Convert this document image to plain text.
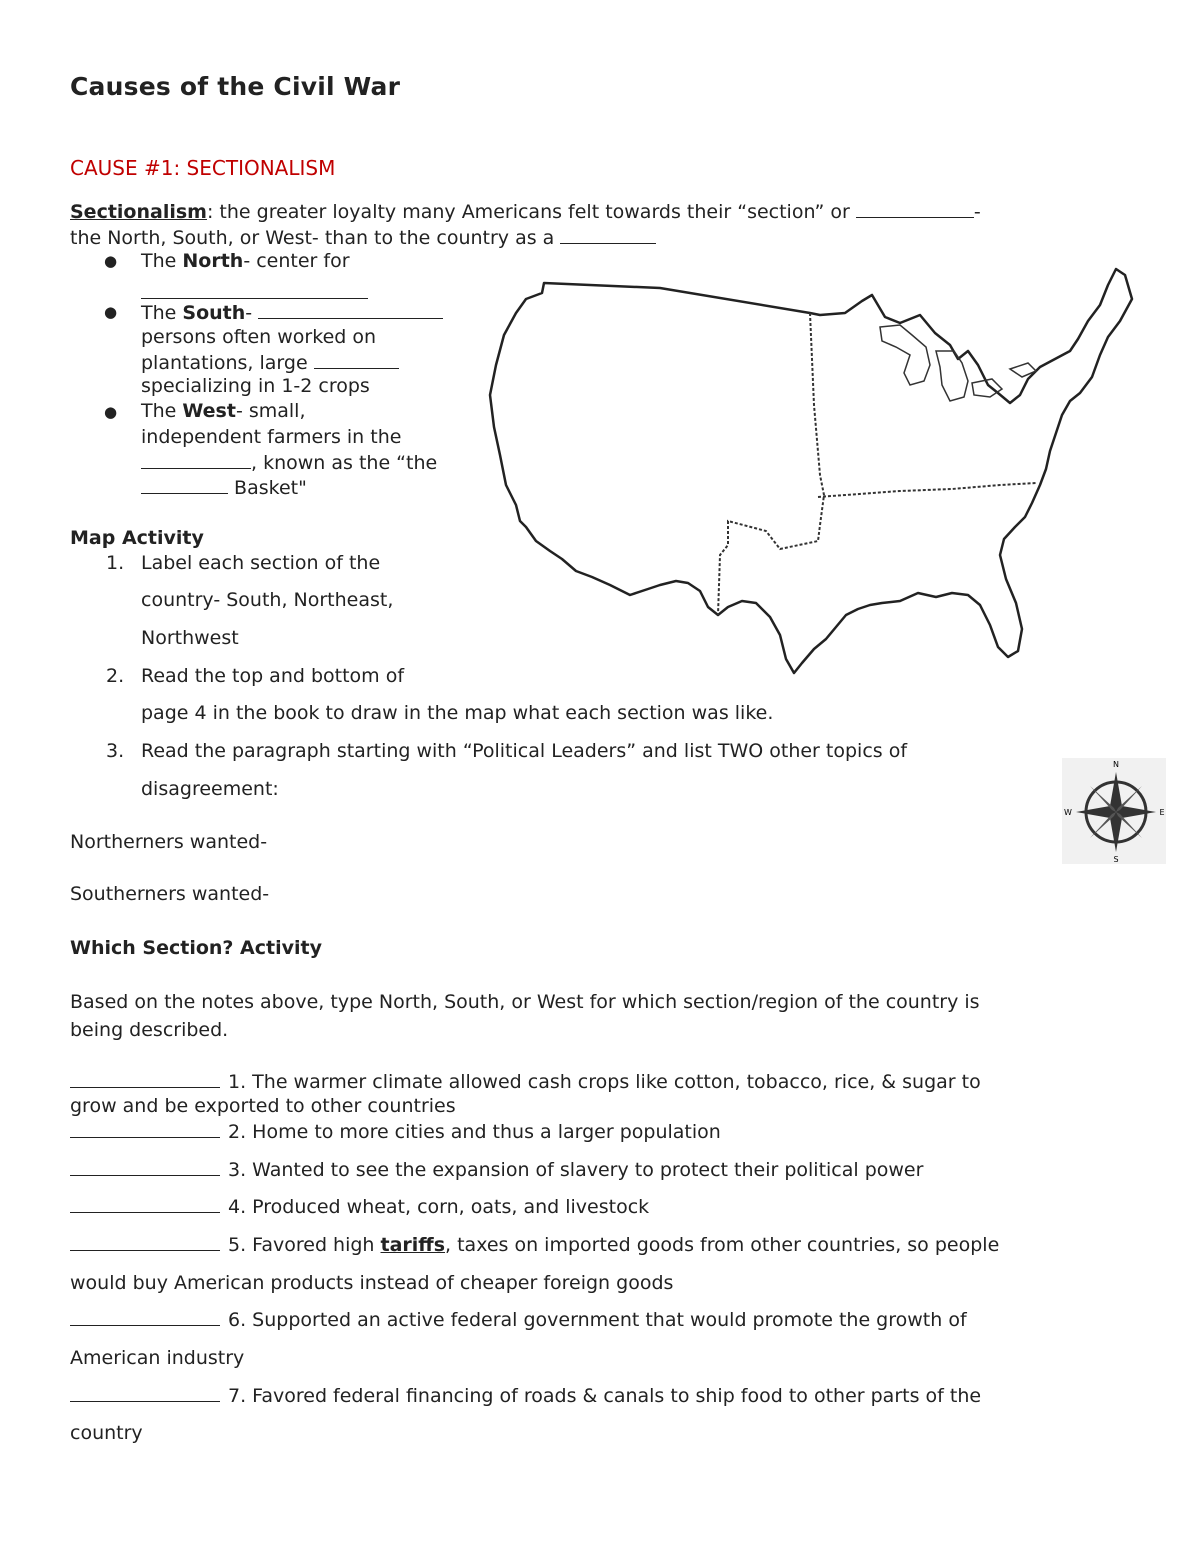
Causes of the Civil War
CAUSE #1: SECTIONALISM
Sectionalism: the greater loyalty many Americans felt towards their “section” or	-
the North, South, or West- than to the country as a
● The North- center for
● The South-
persons often worked on
plantations, large
specializing in 1-2 crops
● The West- small,
independent farmers in the
, known as the “the
Basket"
Map Activity
1. Label each section of the
country- South, Northeast,
Northwest
2. Read the top and bottom of
page 4 in the book to draw in the map what each section was like.
3. Read the paragraph starting with “Political Leaders” and list TWO other topics of
disagreement:
N
S
W	E
Northerners wanted-
Southerners wanted-
Which Section? Activity
Based on the notes above, type North, South, or West for which section/region of the country is
being described.
1. The warmer climate allowed cash crops like cotton, tobacco, rice, & sugar to
grow and be exported to other countries
2. Home to more cities and thus a larger population
3. Wanted to see the expansion of slavery to protect their political power
4. Produced wheat, corn, oats, and livestock
5. Favored high tariffs, taxes on imported goods from other countries, so people
would buy American products instead of cheaper foreign goods
6. Supported an active federal government that would promote the growth of
American industry
7. Favored federal financing of roads & canals to ship food to other parts of the
country
